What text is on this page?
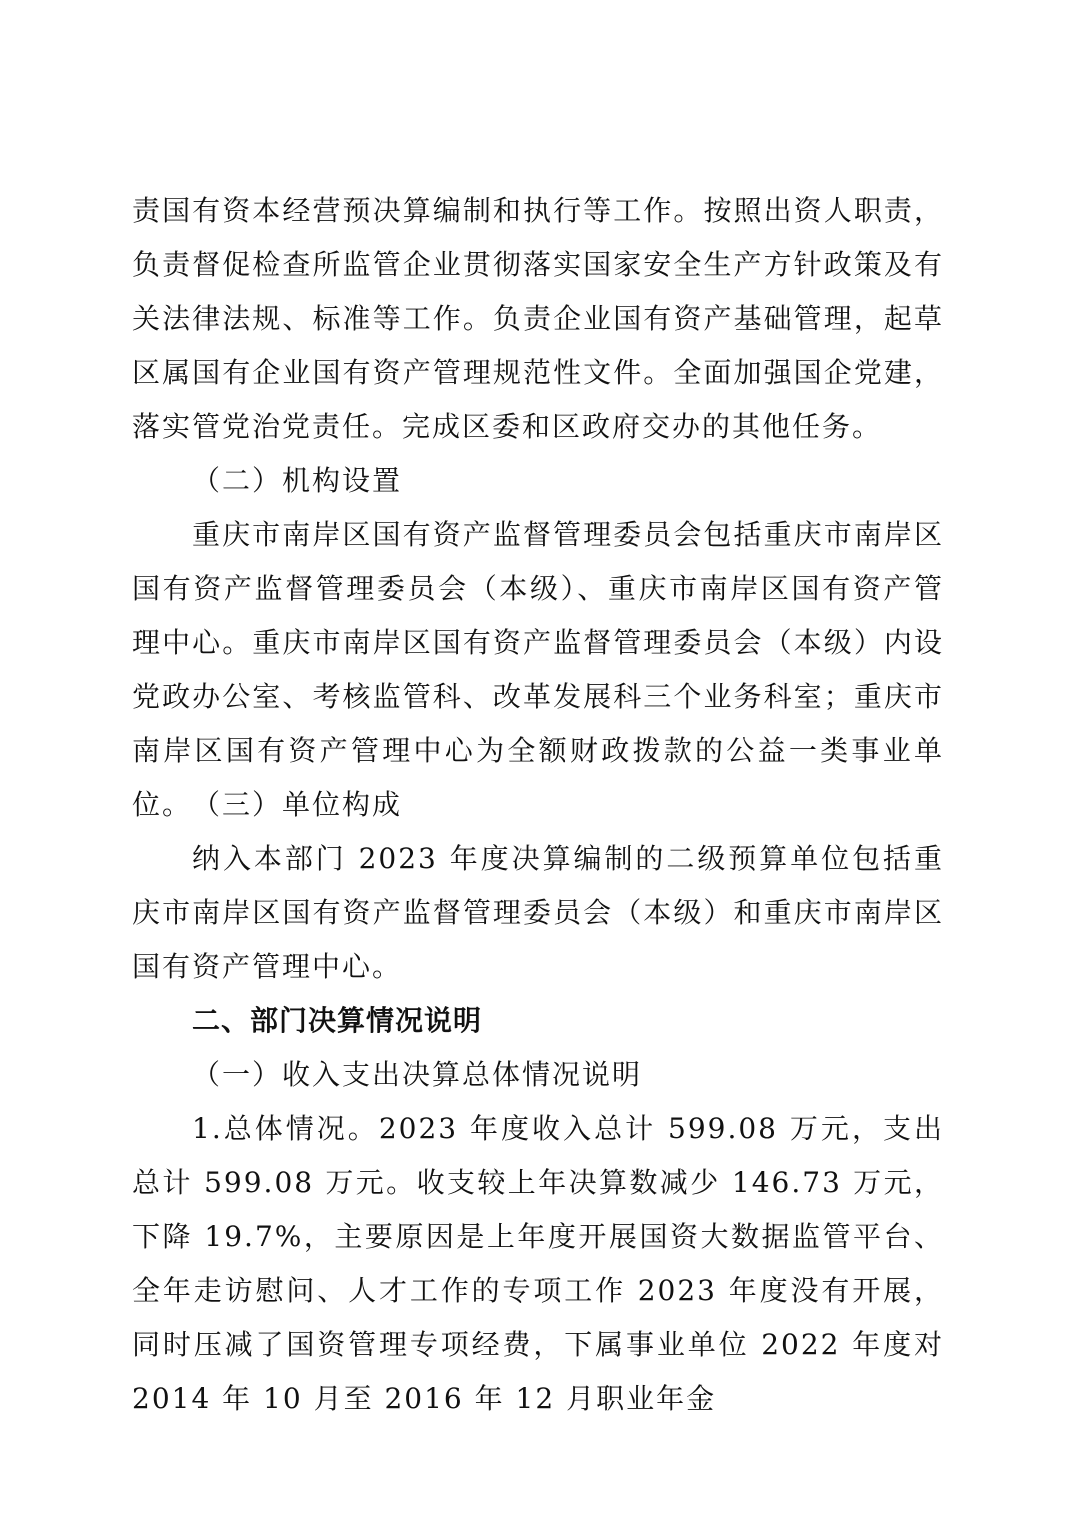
责国有资本经营预决算编制和执行等工作。按照出资人职责，负责督促检查所监管企业贯彻落实国家安全生产方针政策及有关法律法规、标准等工作。负责企业国有资产基础管理，起草区属国有企业国有资产管理规范性文件。全面加强国企党建，落实管党治党责任。完成区委和区政府交办的其他任务。

（二）机构设置

重庆市南岸区国有资产监督管理委员会包括重庆市南岸区国有资产监督管理委员会（本级）、重庆市南岸区国有资产管理中心。重庆市南岸区国有资产监督管理委员会（本级）内设党政办公室、考核监管科、改革发展科三个业务科室；重庆市南岸区国有资产管理中心为全额财政拨款的公益一类事业单位。 （三）单位构成

纳入本部门 2023 年度决算编制的二级预算单位包括重庆市南岸区国有资产监督管理委员会（本级）和重庆市南岸区国有资产管理中心。

二、部门决算情况说明

（一）收入支出决算总体情况说明

1.总体情况。2023 年度收入总计 599.08 万元，支出总计 599.08 万元。收支较上年决算数减少 146.73 万元，下降 19.7%，主要原因是上年度开展国资大数据监管平台、全年走访慰问、人才工作的专项工作 2023 年度没有开展，同时压减了国资管理专项经费，下属事业单位 2022 年度对 2014 年 10 月至 2016 年 12 月职业年金
